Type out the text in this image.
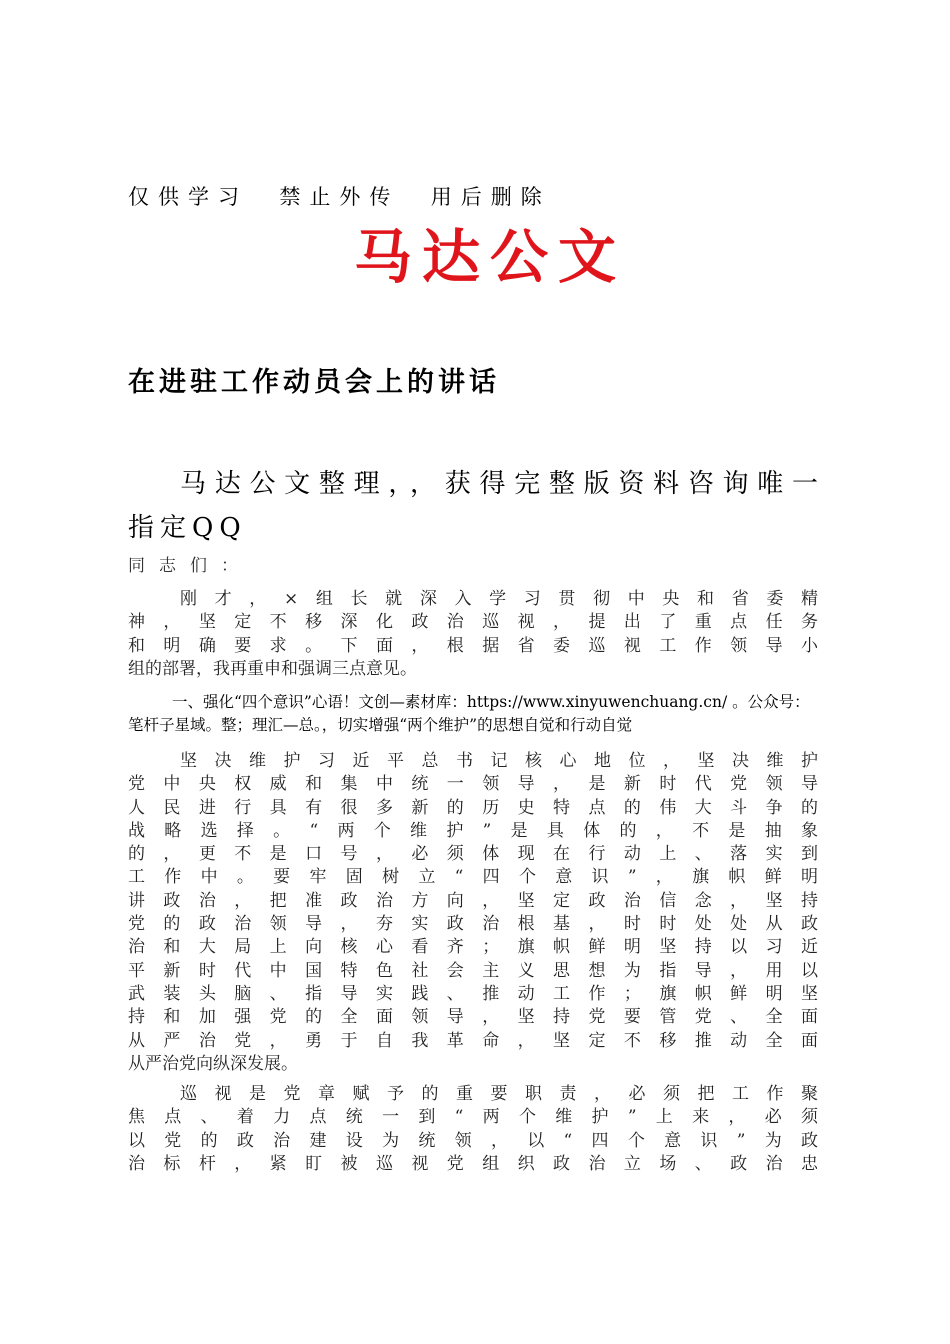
仅供学习  禁止外传  用后删除
马达公文
在进驻工作动员会上的讲话
马达公文整理，，获得完整版资料咨询唯一
指定QQ
同志们：
刚才，×组长就深入学习贯彻中央和省委精
神，坚定不移深化政治巡视，提出了重点任务
和明确要求。下面，根据省委巡视工作领导小
组的部署，我再重申和强调三点意见。
一、强化“四个意识”心语！文创—素材库：https://www.xinyuwenchuang.cn/ 。公众号：
笔杆子星域。整；理汇—总。，切实增强“两个维护”的思想自觉和行动自觉
坚决维护习近平总书记核心地位，坚决维护
党中央权威和集中统一领导，是新时代党领导
人民进行具有很多新的历史特点的伟大斗争的
战略选择。“两个维护”是具体的，不是抽象
的，更不是口号，必须体现在行动上、落实到
工作中。要牢固树立“四个意识”，旗帜鲜明
讲政治，把准政治方向，坚定政治信念，坚持
党的政治领导，夯实政治根基，时时处处从政
治和大局上向核心看齐；旗帜鲜明坚持以习近
平新时代中国特色社会主义思想为指导，用以
武装头脑、指导实践、推动工作；旗帜鲜明坚
持和加强党的全面领导，坚持党要管党、全面
从严治党，勇于自我革命，坚定不移推动全面
从严治党向纵深发展。
巡视是党章赋予的重要职责，必须把工作聚
焦点、着力点统一到“两个维护”上来，必须
以党的政治建设为统领，以“四个意识”为政
治标杆，紧盯被巡视党组织政治立场、政治忠
